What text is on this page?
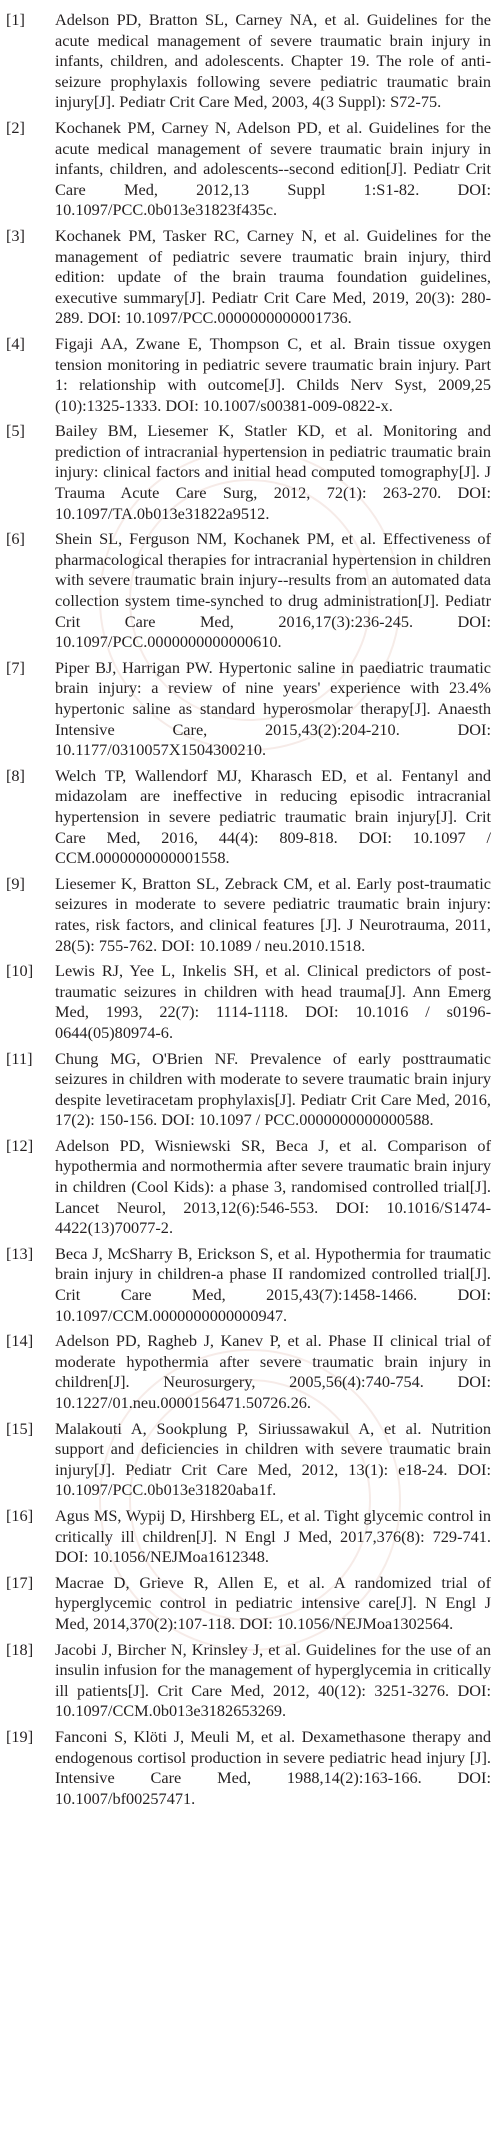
[1]	Adelson PD, Bratton SL, Carney NA, et al. Guidelines for the acute medical management of severe traumatic brain injury in infants, children, and adolescents. Chapter 19. The role of anti-seizure prophylaxis following severe pediatric traumatic brain injury[J]. Pediatr Crit Care Med, 2003, 4(3 Suppl): S72-75.
[2]	Kochanek PM, Carney N, Adelson PD, et al. Guidelines for the acute medical management of severe traumatic brain injury in infants, children, and adolescents--second edition[J]. Pediatr Crit Care Med, 2012,13 Suppl 1:S1-82. DOI: 10.1097/PCC.0b013e31823f435c.
[3]	Kochanek PM, Tasker RC, Carney N, et al. Guidelines for the management of pediatric severe traumatic brain injury, third edition: update of the brain trauma foundation guidelines, executive summary[J]. Pediatr Crit Care Med, 2019, 20(3): 280-289. DOI: 10.1097/PCC.0000000000001736.
[4]	Figaji AA, Zwane E, Thompson C, et al. Brain tissue oxygen tension monitoring in pediatric severe traumatic brain injury. Part 1: relationship with outcome[J]. Childs Nerv Syst, 2009,25 (10):1325-1333. DOI: 10.1007/s00381-009-0822-x.
[5]	Bailey BM, Liesemer K, Statler KD, et al. Monitoring and prediction of intracranial hypertension in pediatric traumatic brain injury: clinical factors and initial head computed tomography[J]. J Trauma Acute Care Surg, 2012, 72(1): 263-270. DOI: 10.1097/TA.0b013e31822a9512.
[6]	Shein SL, Ferguson NM, Kochanek PM, et al. Effectiveness of pharmacological therapies for intracranial hypertension in children with severe traumatic brain injury--results from an automated data collection system time-synched to drug administration[J]. Pediatr Crit Care Med, 2016,17(3):236-245. DOI: 10.1097/PCC.0000000000000610.
[7]	Piper BJ, Harrigan PW. Hypertonic saline in paediatric traumatic brain injury: a review of nine years' experience with 23.4% hypertonic saline as standard hyperosmolar therapy[J]. Anaesth Intensive Care, 2015,43(2):204-210. DOI: 10.1177/0310057X1504300210.
[8]	Welch TP, Wallendorf MJ, Kharasch ED, et al. Fentanyl and midazolam are ineffective in reducing episodic intracranial hypertension in severe pediatric traumatic brain injury[J]. Crit Care Med, 2016, 44(4): 809-818. DOI: 10.1097 / CCM.0000000000001558.
[9]	Liesemer K, Bratton SL, Zebrack CM, et al. Early post-traumatic seizures in moderate to severe pediatric traumatic brain injury: rates, risk factors, and clinical features [J]. J Neurotrauma, 2011, 28(5): 755-762. DOI: 10.1089 / neu.2010.1518.
[10]	Lewis RJ, Yee L, Inkelis SH, et al. Clinical predictors of post-traumatic seizures in children with head trauma[J]. Ann Emerg Med, 1993, 22(7): 1114-1118. DOI: 10.1016 / s0196-0644(05)80974-6.
[11]	Chung MG, O'Brien NF. Prevalence of early posttraumatic seizures in children with moderate to severe traumatic brain injury despite levetiracetam prophylaxis[J]. Pediatr Crit Care Med, 2016, 17(2): 150-156. DOI: 10.1097 / PCC.0000000000000588.
[12]	Adelson PD, Wisniewski SR, Beca J, et al. Comparison of hypothermia and normothermia after severe traumatic brain injury in children (Cool Kids): a phase 3, randomised controlled trial[J]. Lancet Neurol, 2013,12(6):546-553. DOI: 10.1016/S1474-4422(13)70077-2.
[13]	Beca J, McSharry B, Erickson S, et al. Hypothermia for traumatic brain injury in children-a phase II randomized controlled trial[J]. Crit Care Med, 2015,43(7):1458-1466. DOI: 10.1097/CCM.0000000000000947.
[14]	Adelson PD, Ragheb J, Kanev P, et al. Phase II clinical trial of moderate hypothermia after severe traumatic brain injury in children[J]. Neurosurgery, 2005,56(4):740-754. DOI: 10.1227/01.neu.0000156471.50726.26.
[15]	Malakouti A, Sookplung P, Siriussawakul A, et al. Nutrition support and deficiencies in children with severe traumatic brain injury[J]. Pediatr Crit Care Med, 2012, 13(1): e18-24. DOI: 10.1097/PCC.0b013e31820aba1f.
[16]	Agus MS, Wypij D, Hirshberg EL, et al. Tight glycemic control in critically ill children[J]. N Engl J Med, 2017,376(8): 729-741. DOI: 10.1056/NEJMoa1612348.
[17]	Macrae D, Grieve R, Allen E, et al. A randomized trial of hyperglycemic control in pediatric intensive care[J]. N Engl J Med, 2014,370(2):107-118. DOI: 10.1056/NEJMoa1302564.
[18]	Jacobi J, Bircher N, Krinsley J, et al. Guidelines for the use of an insulin infusion for the management of hyperglycemia in critically ill patients[J]. Crit Care Med, 2012, 40(12): 3251-3276. DOI: 10.1097/CCM.0b013e3182653269.
[19]	Fanconi S, Klöti J, Meuli M, et al. Dexamethasone therapy and endogenous cortisol production in severe pediatric head injury [J]. Intensive Care Med, 1988,14(2):163-166. DOI: 10.1007/bf00257471.
